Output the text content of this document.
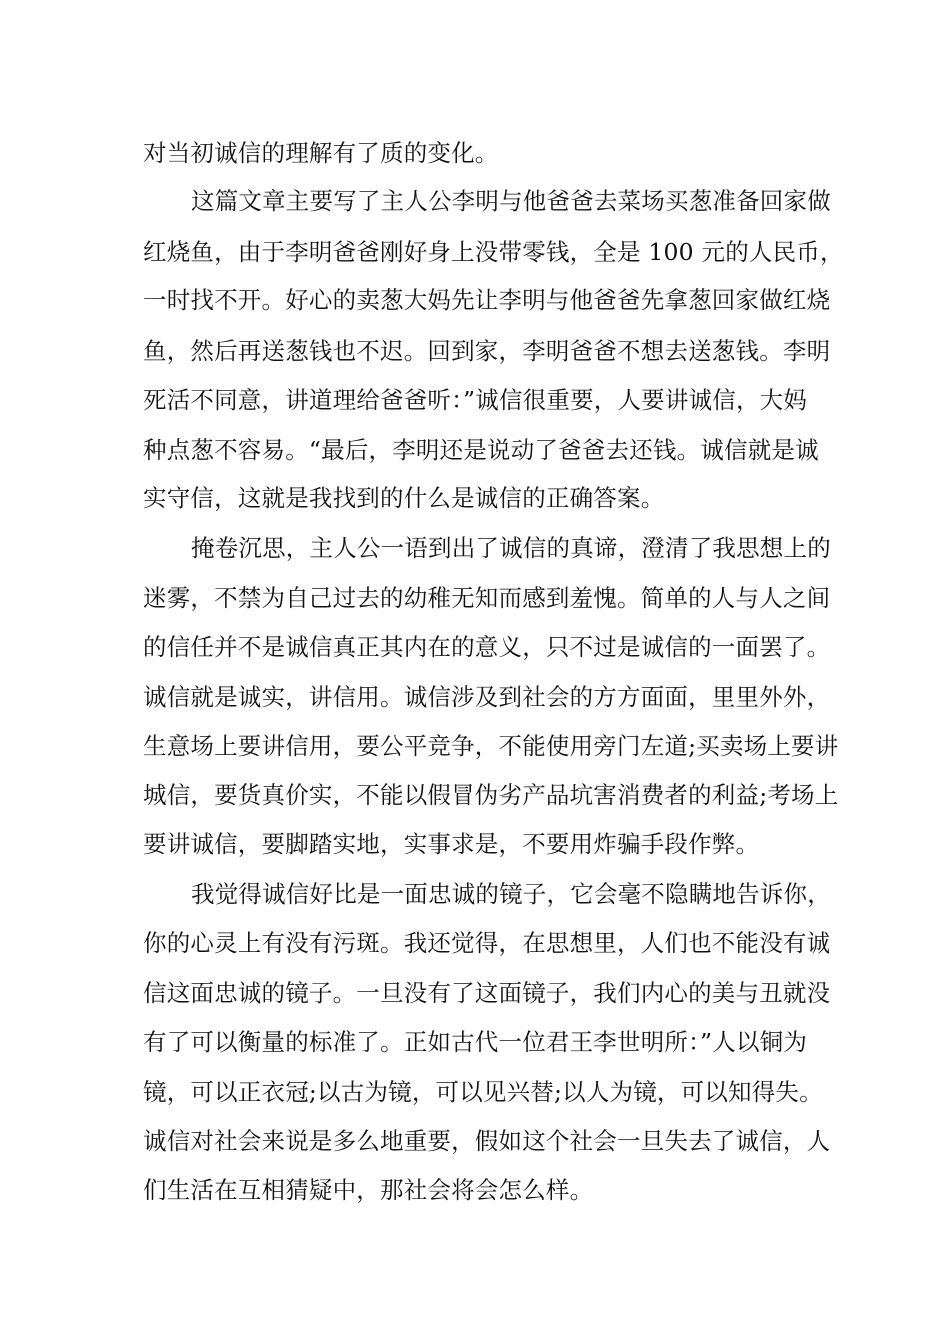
对当初诚信的理解有了质的变化。
这篇文章主要写了主人公李明与他爸爸去菜场买葱准备回家做
红烧鱼，由于李明爸爸刚好身上没带零钱，全是 100 元的人民币，
一时找不开。好心的卖葱大妈先让李明与他爸爸先拿葱回家做红烧
鱼，然后再送葱钱也不迟。回到家，李明爸爸不想去送葱钱。李明
死活不同意，讲道理给爸爸听：”诚信很重要，人要讲诚信，大妈
种点葱不容易。“最后，李明还是说动了爸爸去还钱。诚信就是诚
实守信，这就是我找到的什么是诚信的正确答案。
掩卷沉思，主人公一语到出了诚信的真谛，澄清了我思想上的
迷雾，不禁为自己过去的幼稚无知而感到羞愧。简单的人与人之间
的信任并不是诚信真正其内在的意义，只不过是诚信的一面罢了。
诚信就是诚实，讲信用。诚信涉及到社会的方方面面，里里外外，
生意场上要讲信用，要公平竞争，不能使用旁门左道;买卖场上要讲
城信，要货真价实，不能以假冒伪劣产品坑害消费者的利益;考场上
要讲诚信，要脚踏实地，实事求是，不要用炸骗手段作弊。
我觉得诚信好比是一面忠诚的镜子，它会毫不隐瞒地告诉你，
你的心灵上有没有污斑。我还觉得，在思想里，人们也不能没有诚
信这面忠诚的镜子。一旦没有了这面镜子，我们内心的美与丑就没
有了可以衡量的标准了。正如古代一位君王李世明所：”人以铜为
镜，可以正衣冠;以古为镜，可以见兴替;以人为镜，可以知得失。
诚信对社会来说是多么地重要，假如这个社会一旦失去了诚信，人
们生活在互相猜疑中，那社会将会怎么样。
